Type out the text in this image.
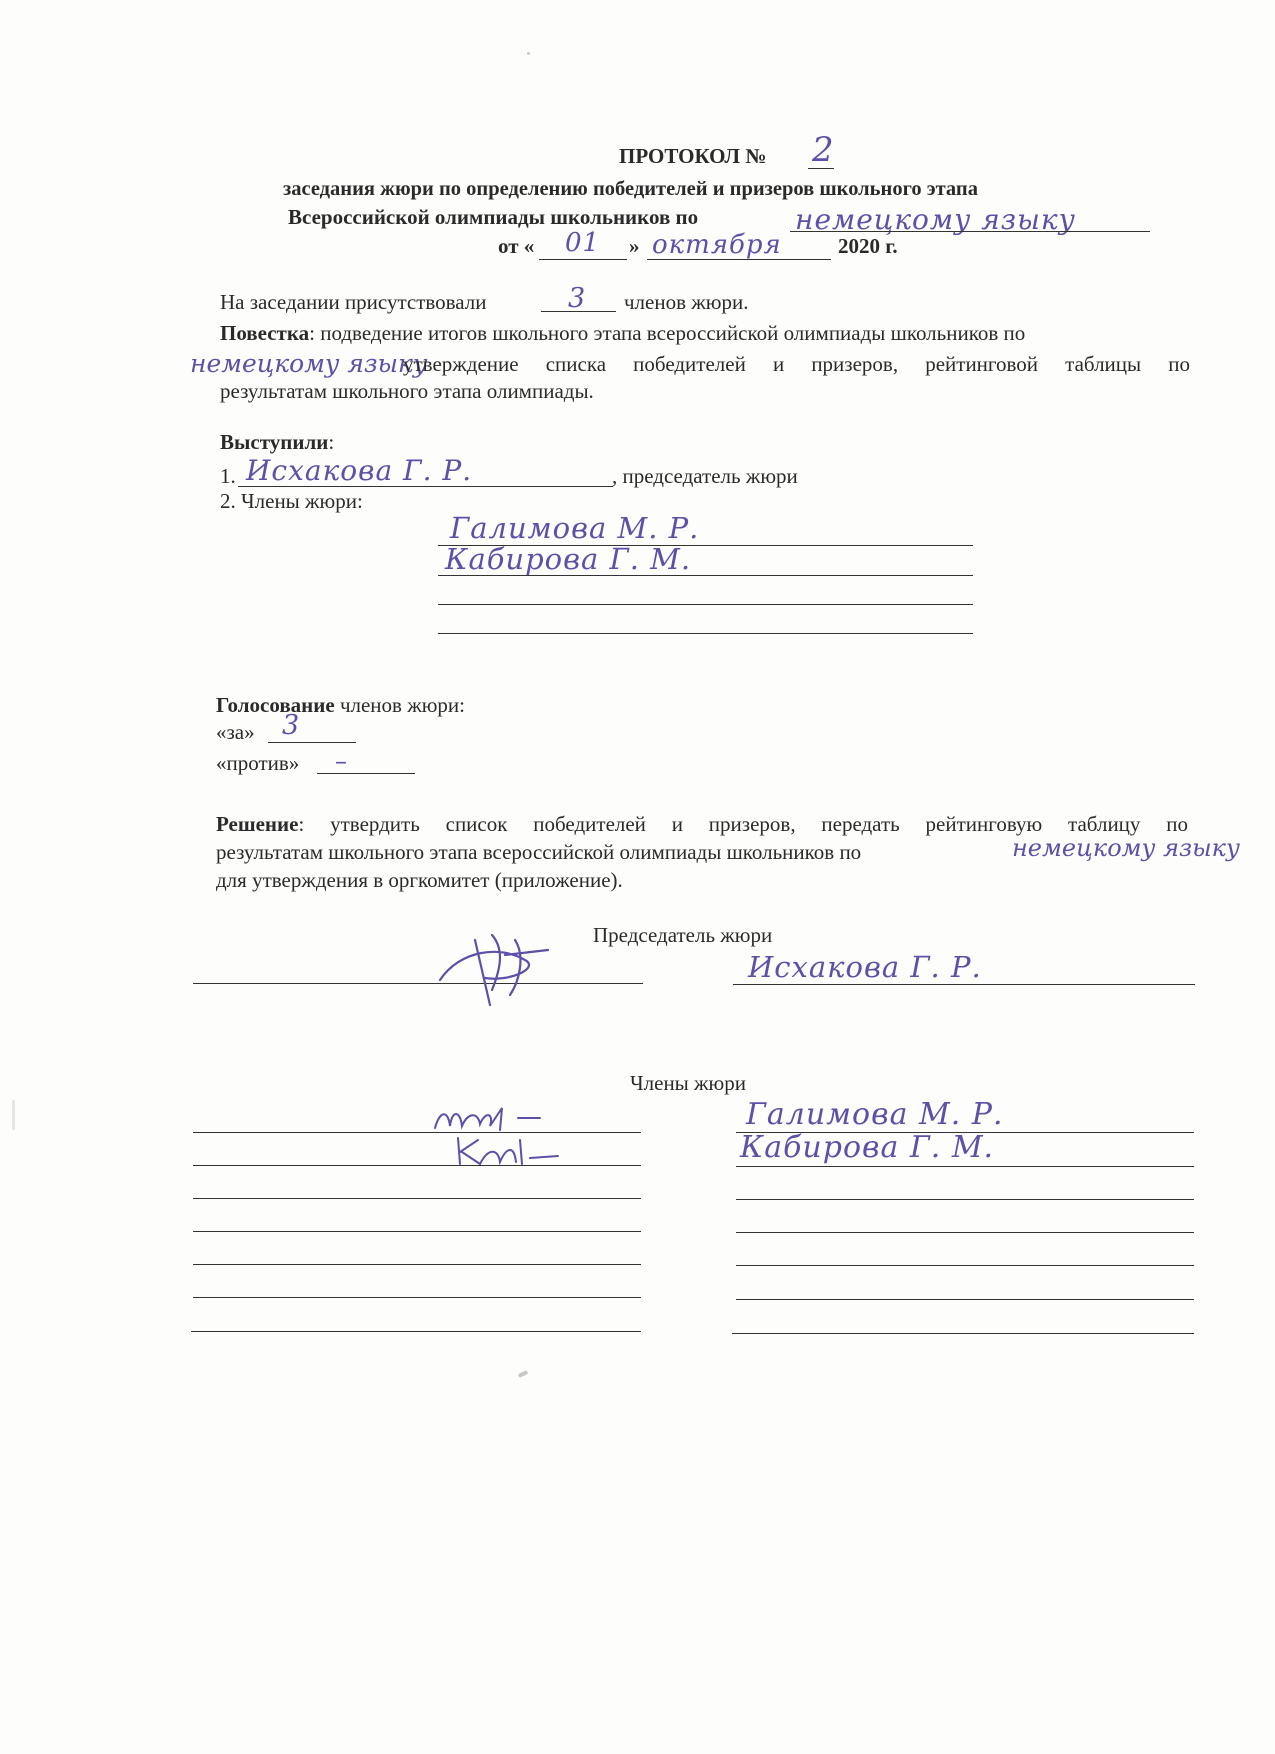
ПРОТОКОЛ № 2
заседания жюри по определению победителей и призеров школьного этапа
Всероссийской олимпиады школьников по	немецкому языку
от « 01 » октября	2020 г.
На заседании присутствовали	3 членов жюри.
Повестка: подведение итогов школьного этапа всероссийской олимпиады школьников по
немецкому языку
утверждение списка победителей и призеров, рейтинговой таблицы по
результатам школьного этапа олимпиады.
Выступили:
1. Исхакова Г. Р.	, председатель жюри
2. Члены жюри:
Галимова М. Р.
Кабирова Г. М.
Голосование членов жюри:
«за» 3
«против» –
Решение: утвердить список победителей и призеров, передать рейтинговую таблицу по
результатам школьного этапа всероссийской олимпиады школьников по	немецкому языку
для утверждения в оргкомитет (приложение).
Председатель жюри
Исхакова Г. Р.
Члены жюри
Галимова М. Р.
Кабирова Г. М.
